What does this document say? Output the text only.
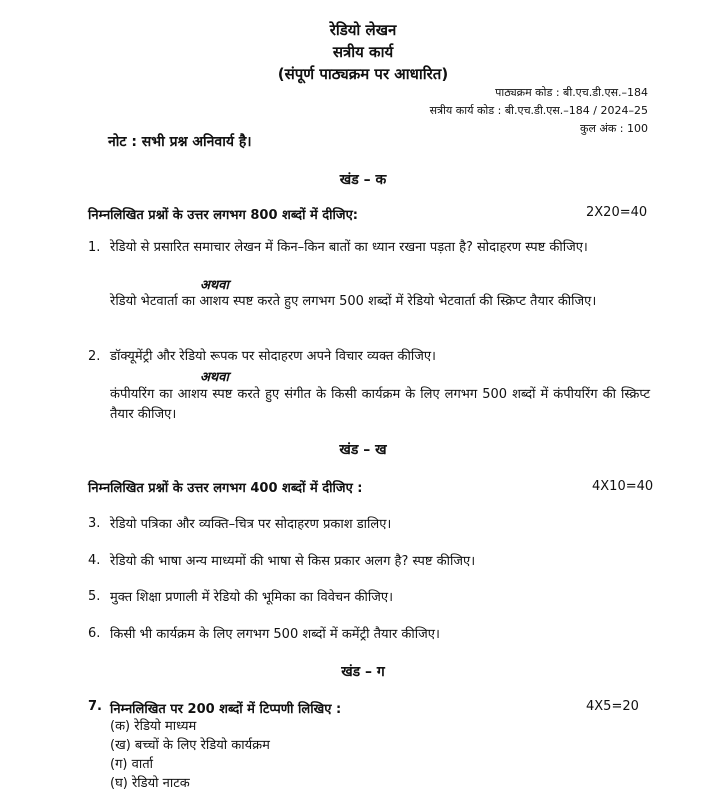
रेडियो लेखन
सत्रीय कार्य
(संपूर्ण पाठ्यक्रम पर आधारित)
पाठ्यक्रम कोड : बी.एच.डी.एस.–184
सत्रीय कार्य कोड : बी.एच.डी.एस.–184 / 2024–25
कुल अंक : 100
नोट : सभी प्रश्न अनिवार्य है।
खंड – क
निम्नलिखित प्रश्नों के उत्तर लगभग 800 शब्दों में दीजिए:	2X20=40
1. रेडियो से प्रसारित समाचार लेखन में किन–किन बातों का ध्यान रखना पड़ता है? सोदाहरण स्पष्ट कीजिए।
अथवा
रेडियो भेटवार्ता का आशय स्पष्ट करते हुए लगभग 500 शब्दों में रेडियो भेटवार्ता की स्क्रिप्ट तैयार कीजिए।
2. डॉक्यूमेंट्री और रेडियो रूपक पर सोदाहरण अपने विचार व्यक्त कीजिए।
अथवा
कंपीयरिंग का आशय स्पष्ट करते हुए संगीत के किसी कार्यक्रम के लिए लगभग 500 शब्दों में कंपीयरिंग की स्क्रिप्ट तैयार कीजिए।
खंड – ख
निम्नलिखित प्रश्नों के उत्तर लगभग 400 शब्दों में दीजिए :	4X10=40
3. रेडियो पत्रिका और व्यक्ति–चित्र पर सोदाहरण प्रकाश डालिए।
4. रेडियो की भाषा अन्य माध्यमों की भाषा से किस प्रकार अलग है? स्पष्ट कीजिए।
5. मुक्त शिक्षा प्रणाली में रेडियो की भूमिका का विवेचन कीजिए।
6. किसी भी कार्यक्रम के लिए लगभग 500 शब्दों में कमेंट्री तैयार कीजिए।
खंड – ग
7. निम्नलिखित पर 200 शब्दों में टिप्पणी लिखिए :	4X5=20
(क) रेडियो माध्यम
(ख) बच्चों के लिए रेडियो कार्यक्रम
(ग) वार्ता
(घ) रेडियो नाटक
